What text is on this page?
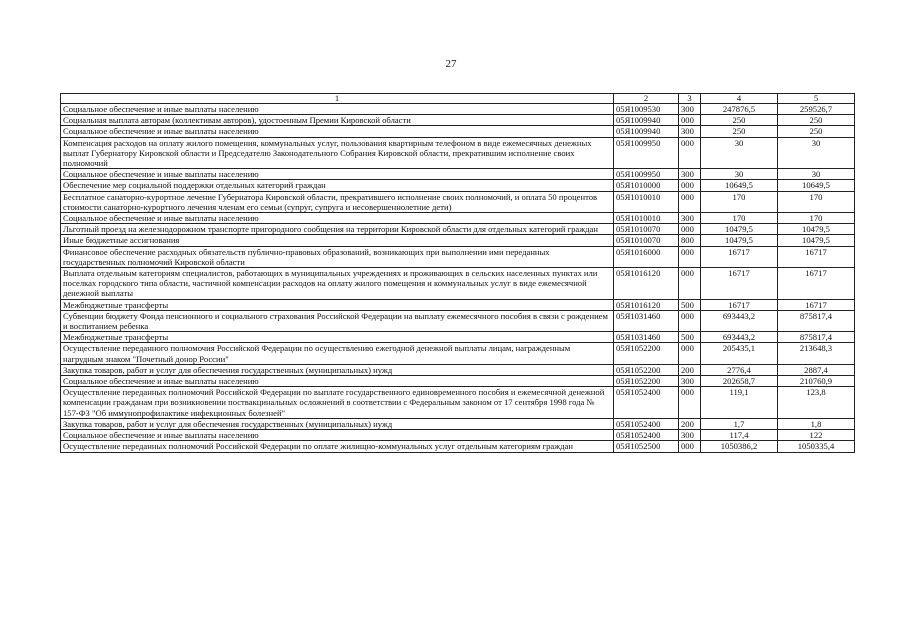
27
1	2	3	4	5
Социальное обеспечение и иные выплаты населению	05Я1009530	300	247876,5	259526,7
Социальная выплата авторам (коллективам авторов), удостоенным Премии Кировской области	05Я1009940	000	250	250
Социальное обеспечение и иные выплаты населению	05Я1009940	300	250	250
Компенсация расходов на оплату жилого помещения, коммунальных услуг, пользования квартирным телефоном в виде ежемесячных денежных выплат Губернатору Кировской области и Председателю Законодательного Собрания Кировской области, прекратившим исполнение своих полномочий	05Я1009950	000	30	30
Социальное обеспечение и иные выплаты населению	05Я1009950	300	30	30
Обеспечение мер социальной поддержки отдельных категорий граждан	05Я1010000	000	10649,5	10649,5
Бесплатное санаторно-курортное лечение Губернатора Кировской области, прекратившего исполнение своих полномочий, и оплата 50 процентов стоимости санаторно-курортного лечения членам его семьи (супруг, супруга и несовершеннолетние дети)	05Я1010010	000	170	170
Социальное обеспечение и иные выплаты населению	05Я1010010	300	170	170
Льготный проезд на железнодорожном транспорте пригородного сообщения на территории Кировской области для отдельных категорий граждан	05Я1010070	000	10479,5	10479,5
Иные бюджетные ассигнования	05Я1010070	800	10479,5	10479,5
Финансовое обеспечение расходных обязательств публично-правовых образований, возникающих при выполнении ими переданных государственных полномочий Кировской области	05Я1016000	000	16717	16717
Выплата отдельным категориям специалистов, работающих в муниципальных учреждениях и проживающих в сельских населенных пунктах или поселках городского типа области, частичной компенсации расходов на оплату жилого помещения и коммунальных услуг в виде ежемесячной денежной выплаты	05Я1016120	000	16717	16717
Межбюджетные трансферты	05Я1016120	500	16717	16717
Субвенции бюджету Фонда пенсионного и социального страхования Российской Федерации на выплату ежемесячного пособия в связи с рождением и воспитанием ребенка	05Я1031460	000	693443,2	875817,4
Межбюджетные трансферты	05Я1031460	500	693443,2	875817,4
Осуществление переданного полномочия Российской Федерации по осуществлению ежегодной денежной выплаты лицам, награжденным нагрудным знаком "Почетный донор России"	05Я1052200	000	205435,1	213648,3
Закупка товаров, работ и услуг для обеспечения государственных (муниципальных) нужд	05Я1052200	200	2776,4	2887,4
Социальное обеспечение и иные выплаты населению	05Я1052200	300	202658,7	210760,9
Осуществление переданных полномочий Российской Федерации по выплате государственного единовременного пособия и ежемесячной денежной компенсации гражданам при возникновении поствакцинальных осложнений в соответствии с Федеральным законом от 17 сентября 1998 года № 157-ФЗ "Об иммунопрофилактике инфекционных болезней"	05Я1052400	000	119,1	123,8
Закупка товаров, работ и услуг для обеспечения государственных (муниципальных) нужд	05Я1052400	200	1,7	1,8
Социальное обеспечение и иные выплаты населению	05Я1052400	300	117,4	122
Осуществление переданных полномочий Российской Федерации по оплате жилищно-коммунальных услуг отдельным категориям граждан	05Я1052500	000	1050386,2	1050335,4
